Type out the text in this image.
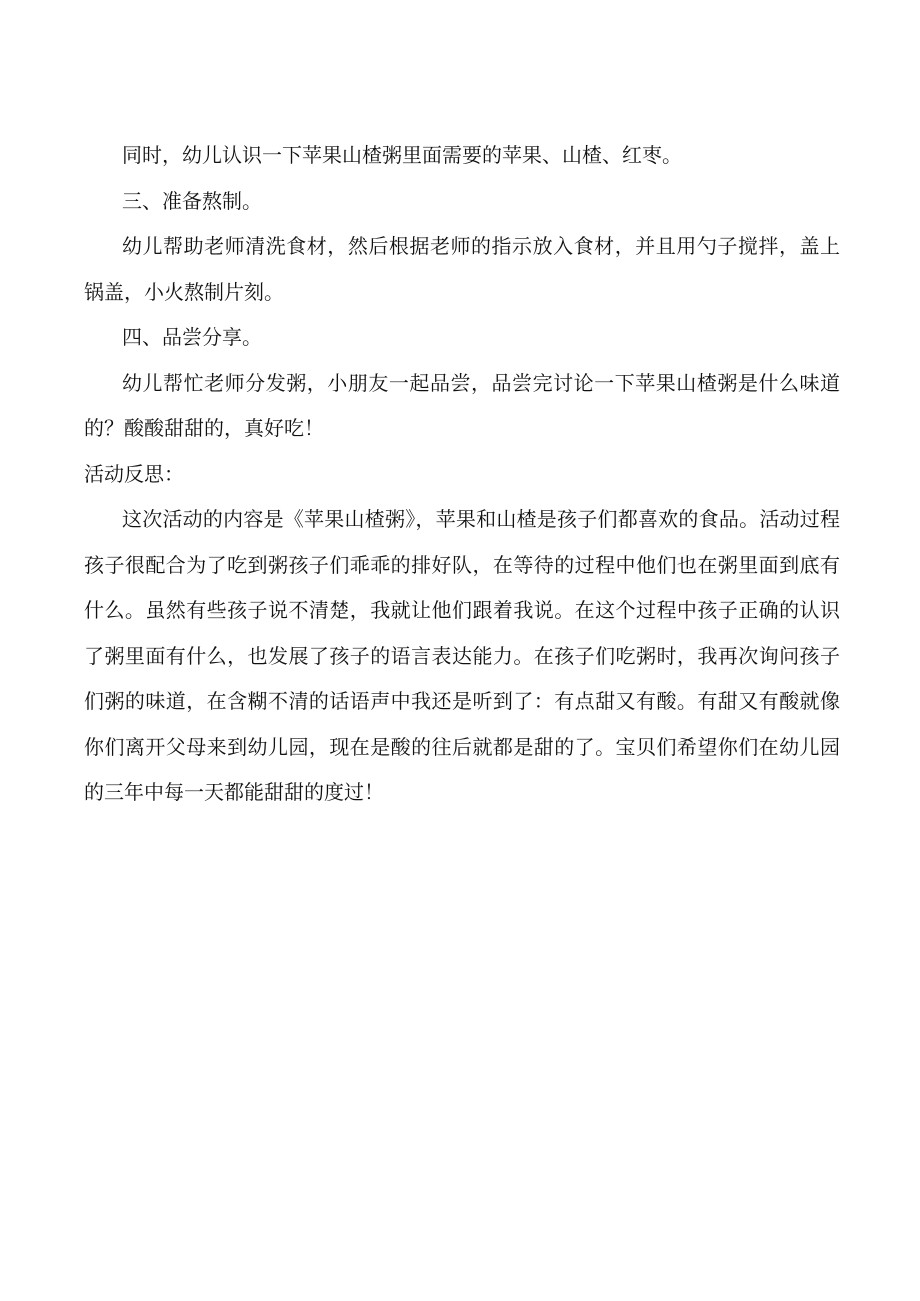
同时，幼儿认识一下苹果山楂粥里面需要的苹果、山楂、红枣。

三、准备熬制。

幼儿帮助老师清洗食材，然后根据老师的指示放入食材，并且用勺子搅拌，盖上锅盖，小火熬制片刻。

四、品尝分享。

幼儿帮忙老师分发粥，小朋友一起品尝，品尝完讨论一下苹果山楂粥是什么味道的？酸酸甜甜的，真好吃！

活动反思：

这次活动的内容是《苹果山楂粥》，苹果和山楂是孩子们都喜欢的食品。活动过程孩子很配合为了吃到粥孩子们乖乖的排好队，在等待的过程中他们也在粥里面到底有什么。虽然有些孩子说不清楚，我就让他们跟着我说。在这个过程中孩子正确的认识了粥里面有什么，也发展了孩子的语言表达能力。在孩子们吃粥时，我再次询问孩子们粥的味道，在含糊不清的话语声中我还是听到了：有点甜又有酸。有甜又有酸就像你们离开父母来到幼儿园，现在是酸的往后就都是甜的了。宝贝们希望你们在幼儿园的三年中每一天都能甜甜的度过！
